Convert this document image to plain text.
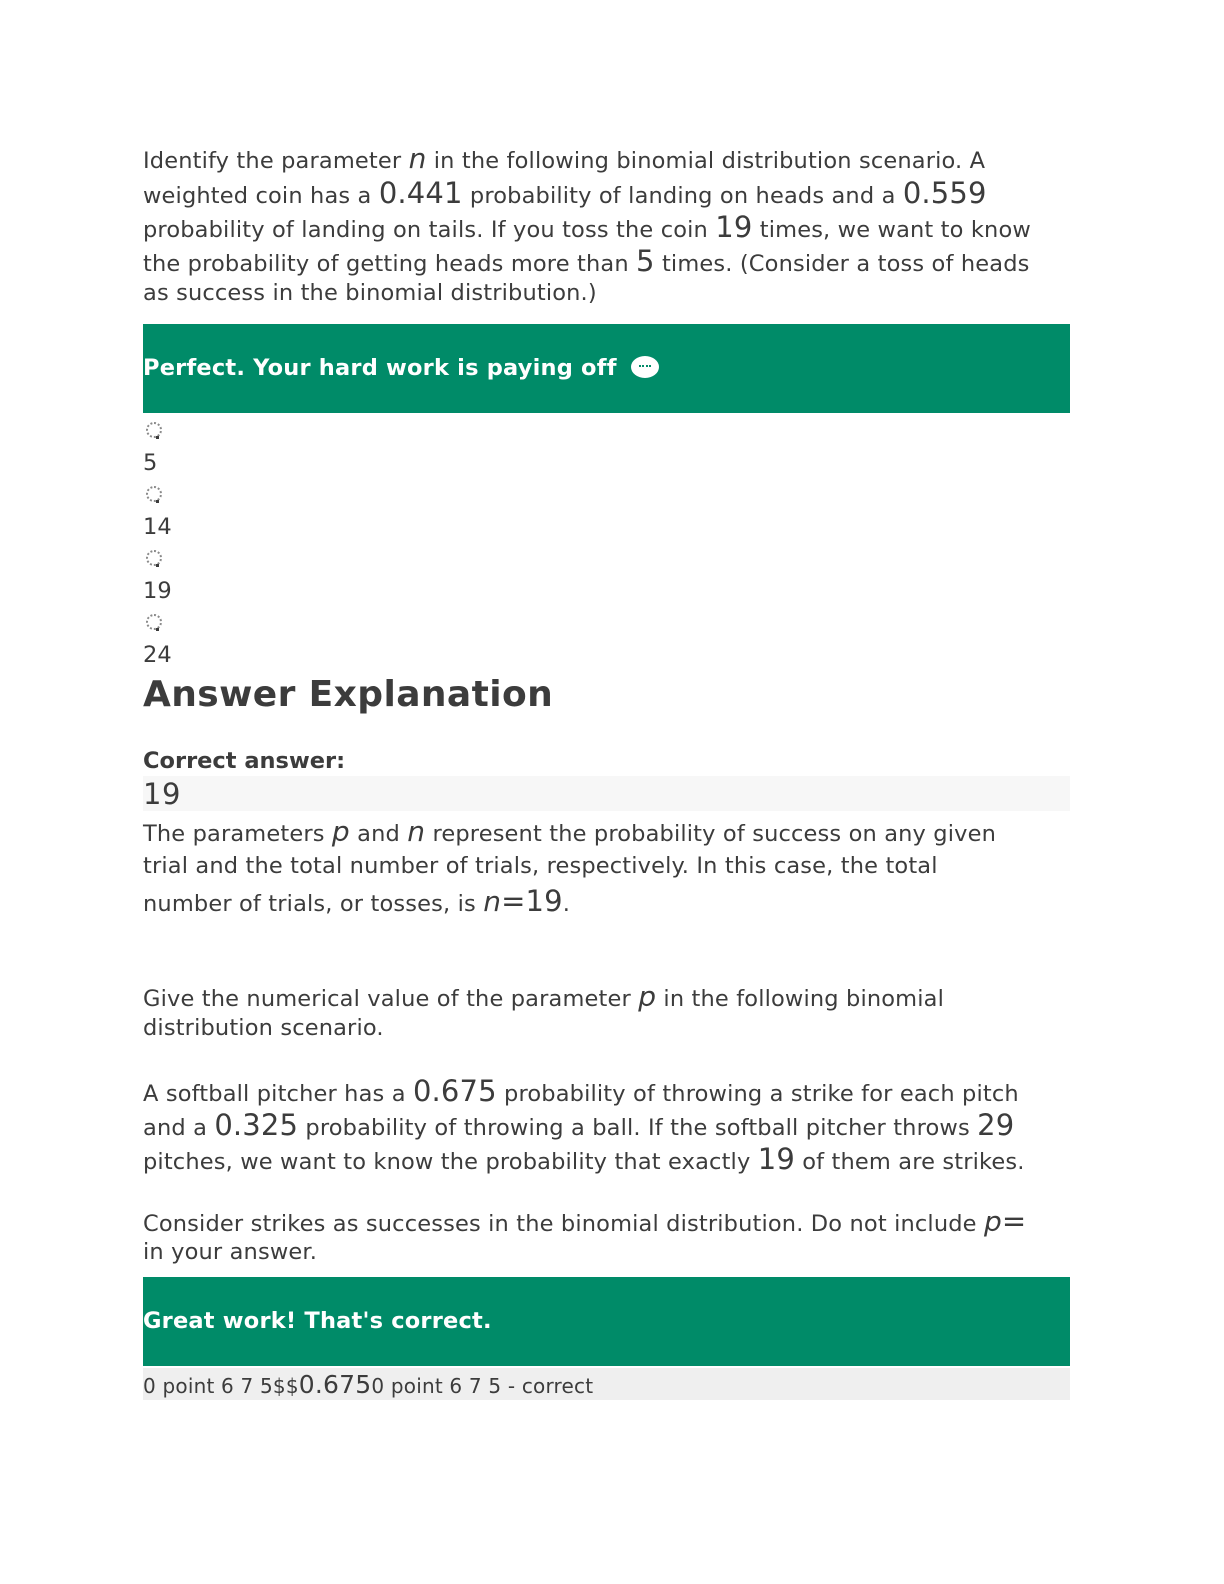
Identify the parameter n in the following binomial distribution scenario. A
weighted coin has a 0.441 probability of landing on heads and a 0.559
probability of landing on tails. If you toss the coin 19 times, we want to know
the probability of getting heads more than 5 times. (Consider a toss of heads
as success in the binomial distribution.)
Perfect. Your hard work is paying off
5
14
19
24
Answer Explanation
Correct answer:
19
The parameters p and n represent the probability of success on any given
trial and the total number of trials, respectively. In this case, the total
number of trials, or tosses, is n=19.
Give the numerical value of the parameter p in the following binomial
distribution scenario.
A softball pitcher has a 0.675 probability of throwing a strike for each pitch
and a 0.325 probability of throwing a ball. If the softball pitcher throws 29
pitches, we want to know the probability that exactly 19 of them are strikes.
Consider strikes as successes in the binomial distribution. Do not include p=
in your answer.
Great work! That's correct.
0 point 6 7 5$$0.6750 point 6 7 5 - correct
